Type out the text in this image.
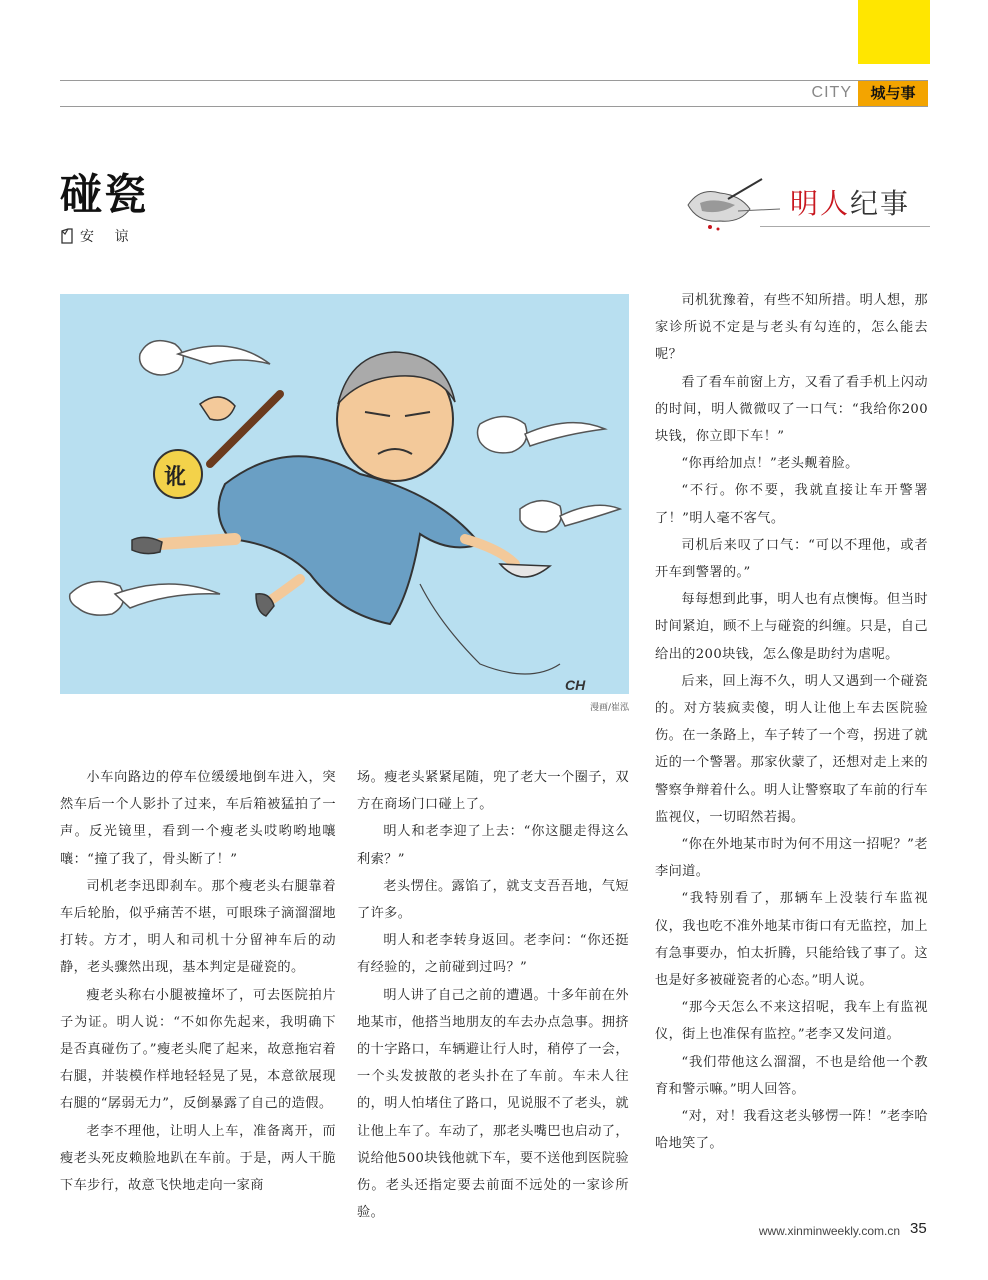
CITY	城与事
碰瓷
安 谅
明人纪事
讹
CH
漫画/崔泓

小车向路边的停车位缓缓地倒车进入，突然车后一个人影扑了过来，车后箱被猛拍了一声。反光镜里，看到一个瘦老头哎哟哟地嚷嚷：“撞了我了，骨头断了！”

司机老李迅即刹车。那个瘦老头右腿靠着车后轮胎，似乎痛苦不堪，可眼珠子滴溜溜地打转。方才，明人和司机十分留神车后的动静，老头骤然出现，基本判定是碰瓷的。

瘦老头称右小腿被撞坏了，可去医院拍片子为证。明人说：“不如你先起来，我明确下是否真碰伤了。”瘦老头爬了起来，故意拖宕着右腿，并装模作样地轻轻晃了晃，本意欲展现右腿的“孱弱无力”，反倒暴露了自己的造假。

老李不理他，让明人上车，准备离开，而瘦老头死皮赖脸地趴在车前。于是，两人干脆下车步行，故意飞快地走向一家商

场。瘦老头紧紧尾随，兜了老大一个圈子，双方在商场门口碰上了。

明人和老李迎了上去：“你这腿走得这么利索？”

老头愣住。露馅了，就支支吾吾地，气短了许多。

明人和老李转身返回。老李问：“你还挺有经验的，之前碰到过吗？”

明人讲了自己之前的遭遇。十多年前在外地某市，他搭当地朋友的车去办点急事。拥挤的十字路口，车辆避让行人时，稍停了一会，一个头发披散的老头扑在了车前。车未人往的，明人怕堵住了路口，见说服不了老头，就让他上车了。车动了，那老头嘴巴也启动了，说给他500块钱他就下车，要不送他到医院验伤。老头还指定要去前面不远处的一家诊所验。

司机犹豫着，有些不知所措。明人想，那家诊所说不定是与老头有勾连的，怎么能去呢？

看了看车前窗上方，又看了看手机上闪动的时间，明人微微叹了一口气：“我给你200块钱，你立即下车！”

“你再给加点！”老头觍着脸。

“不行。你不要，我就直接让车开警署了！”明人毫不客气。

司机后来叹了口气：“可以不理他，或者开车到警署的。”

每每想到此事，明人也有点懊悔。但当时时间紧迫，顾不上与碰瓷的纠缠。只是，自己给出的200块钱，怎么像是助纣为虐呢。

后来，回上海不久，明人又遇到一个碰瓷的。对方装疯卖傻，明人让他上车去医院验伤。在一条路上，车子转了一个弯，拐进了就近的一个警署。那家伙蒙了，还想对走上来的警察争辩着什么。明人让警察取了车前的行车监视仪，一切昭然若揭。

“你在外地某市时为何不用这一招呢？”老李问道。

“我特别看了，那辆车上没装行车监视仪，我也吃不准外地某市街口有无监控，加上有急事要办，怕太折腾，只能给钱了事了。这也是好多被碰瓷者的心态。”明人说。

“那今天怎么不来这招呢，我车上有监视仪，街上也准保有监控。”老李又发问道。

“我们带他这么溜溜，不也是给他一个教育和警示嘛。”明人回答。

“对，对！我看这老头够愣一阵！”老李哈哈地笑了。

www.xinminweekly.com.cn 35
